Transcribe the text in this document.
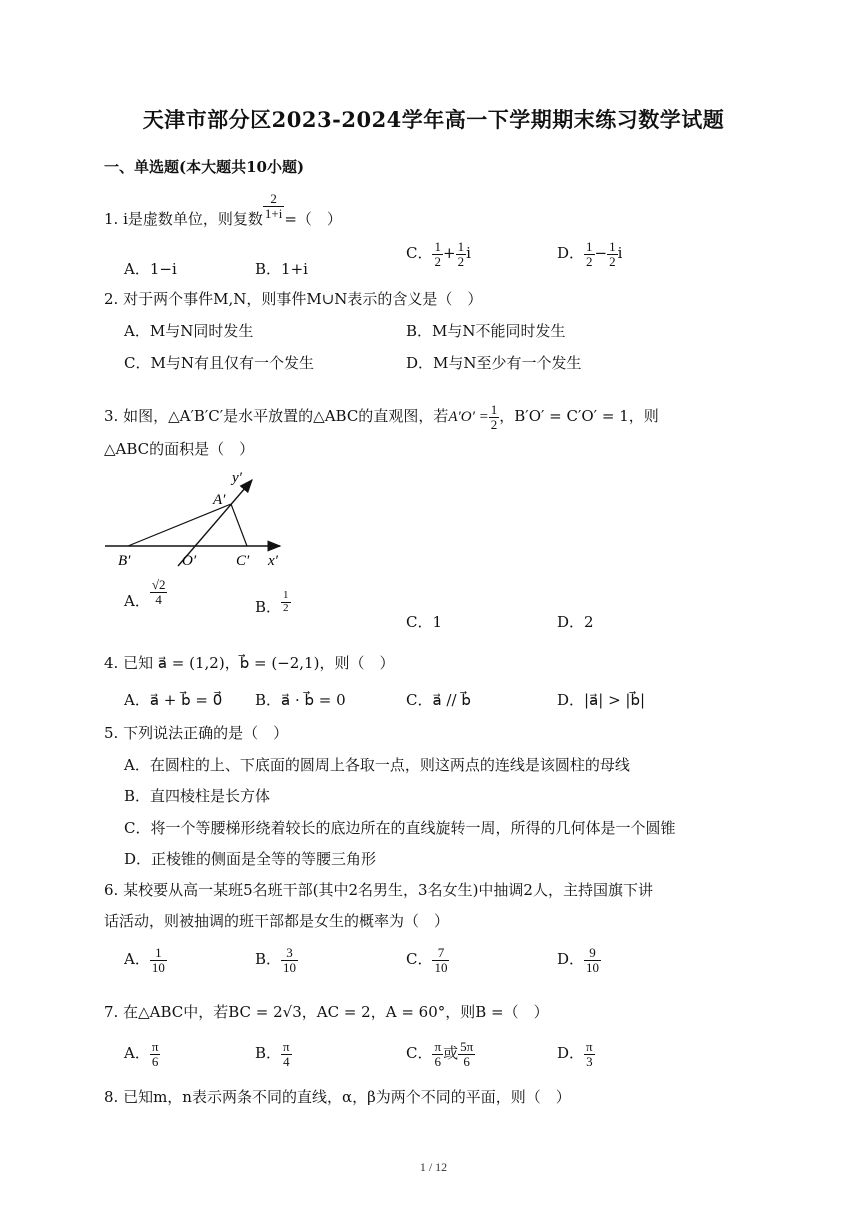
天津市部分区2023-2024学年高一下学期期末练习数学试题
一、单选题(本大题共10小题)
1. i是虚数单位，则复数 $\frac{2}{1+i}$ =（　）
A．1−i	B．1+i
C． $\frac{1}{2} + \frac{1}{2}$ i	D． $\frac{1}{2} - \frac{1}{2}$ i
2. 对于两个事件M,N，则事件M∪N表示的含义是（　）
A．M与N同时发生	B．M与N不能同时发生
C．M与N有且仅有一个发生	D．M与N至少有一个发生
3. 如图，△A′B′C′是水平放置的△ABC的直观图，若$A'O' = \frac{1}{2}$ ，B′O′ = C′O′ = 1，则
△ABC的面积是（　）
y′
A′
B′	O′	C′ x′
A． $\frac{√2}{4}$
B． $\frac{1}{2}$
C．1	D．2
4. 已知 a⃗ = (1,2)，b⃗ = (−2,1)，则（　）
A．a⃗ + b⃗ = 0⃗ B．a⃗ · b⃗ = 0	C．a⃗ // b⃗	D．|a⃗| > |b⃗|
5. 下列说法正确的是（　）
A．在圆柱的上、下底面的圆周上各取一点，则这两点的连线是该圆柱的母线
B．直四棱柱是长方体
C．将一个等腰梯形绕着较长的底边所在的直线旋转一周，所得的几何体是一个圆锥
D．正棱锥的侧面是全等的等腰三角形
6. 某校要从高一某班5名班干部(其中2名男生，3名女生)中抽调2人，主持国旗下讲
话活动，则被抽调的班干部都是女生的概率为（　）
A． $\frac{1}{10}$	B． $\frac{3}{10}$	C． $\frac{7}{10}$	D． $\frac{9}{10}$
7. 在△ABC中，若BC = 2√3，AC = 2，A = 60°，则B =（　）
A． $\frac{\pi}{6}$	B． $\frac{\pi}{4}$	C． $\frac{\pi}{6}$ 或 $\frac{5\pi}{6}$	D． $\frac{\pi}{3}$
8. 已知m，n表示两条不同的直线，α，β为两个不同的平面，则（　）
1 / 12
